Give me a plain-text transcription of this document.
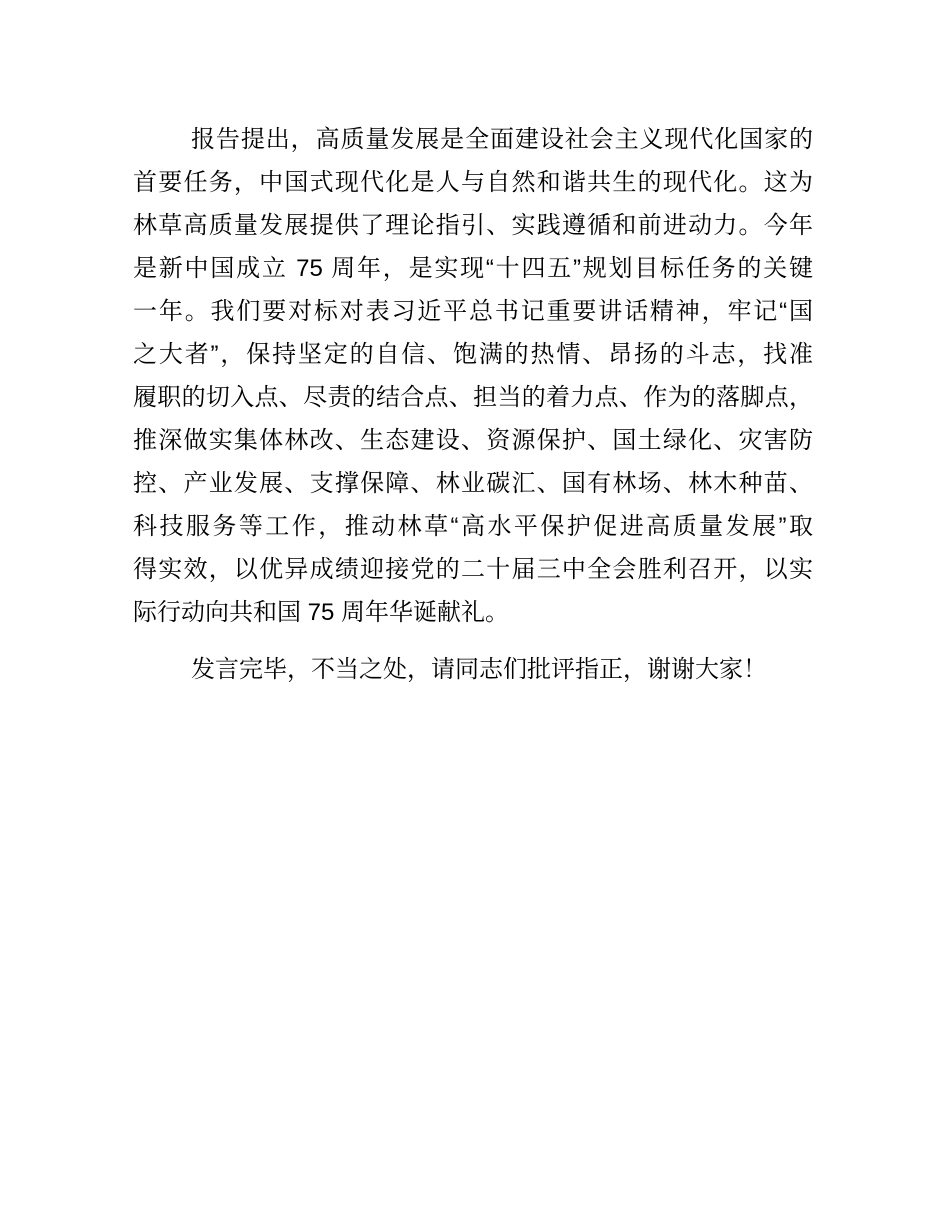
报告提出，高质量发展是全面建设社会主义现代化国家的
首要任务，中国式现代化是人与自然和谐共生的现代化。这为
林草高质量发展提供了理论指引、实践遵循和前进动力。今年
是新中国成立 75 周年，是实现“十四五”规划目标任务的关键
一年。我们要对标对表习近平总书记重要讲话精神，牢记“国
之大者”，保持坚定的自信、饱满的热情、昂扬的斗志，找准
履职的切入点、尽责的结合点、担当的着力点、作为的落脚点，
推深做实集体林改、生态建设、资源保护、国土绿化、灾害防
控、产业发展、支撑保障、林业碳汇、国有林场、林木种苗、
科技服务等工作，推动林草“高水平保护促进高质量发展”取
得实效，以优异成绩迎接党的二十届三中全会胜利召开，以实
际行动向共和国 75 周年华诞献礼。
发言完毕，不当之处，请同志们批评指正，谢谢大家！
